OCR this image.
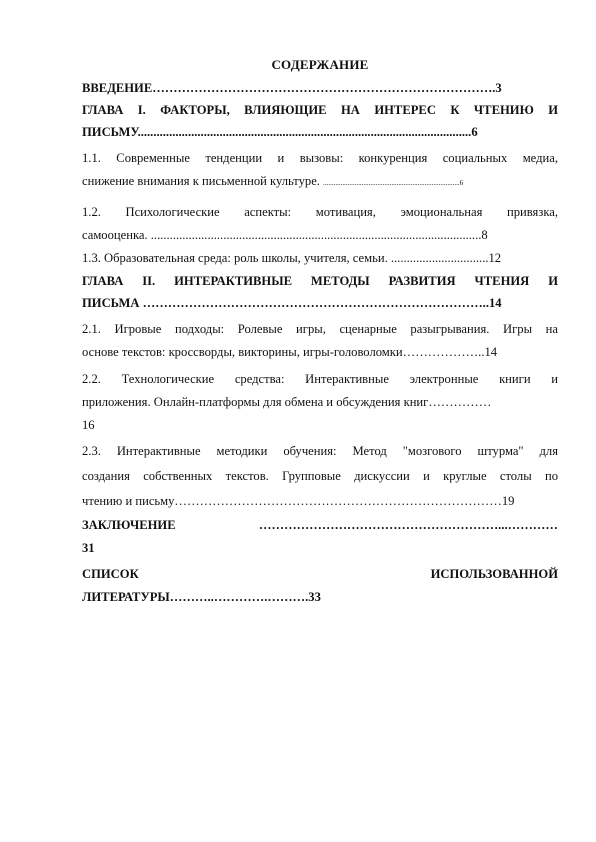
СОДЕРЖАНИЕ
ВВЕДЕНИЕ……………………………………………………………………….3
ГЛАВА I. ФАКТОРЫ, ВЛИЯЮЩИЕ НА ИНТЕРЕС К ЧТЕНИЮ И
ПИСЬМУ..........................................................................................................6
1.1. Современные тенденции и вызовы: конкуренция социальных медиа,
снижение внимания к письменной культуре. ..............................................................................6
1.2. Психологические аспекты: мотивация, эмоциональная привязка,
самооценка. .........................................................................................................8
1.3. Образовательная среда: роль школы, учителя, семьи. ...............................12
ГЛАВА II. ИНТЕРАКТИВНЫЕ МЕТОДЫ РАЗВИТИЯ ЧТЕНИЯ И
ПИСЬМА ………………………………………………………………………..14
2.1. Игровые подходы: Ролевые игры, сценарные разыгрывания. Игры на
основе текстов: кроссворды, викторины, игры-головоломки………………..14
2.2. Технологические средства: Интерактивные электронные книги и
приложения. Онлайн-платформы для обмена и обсуждения книг……………
16
2.3. Интерактивные методики обучения: Метод "мозгового штурма" для
создания собственных текстов. Групповые дискуссии и круглые столы по
чтению и письму……………………………………………………………………19
ЗАКЛЮЧЕНИЕ	…………………………………………………...…………
31
СПИСОК	ИСПОЛЬЗОВАННОЙ
ЛИТЕРАТУРЫ………..………….……….33
